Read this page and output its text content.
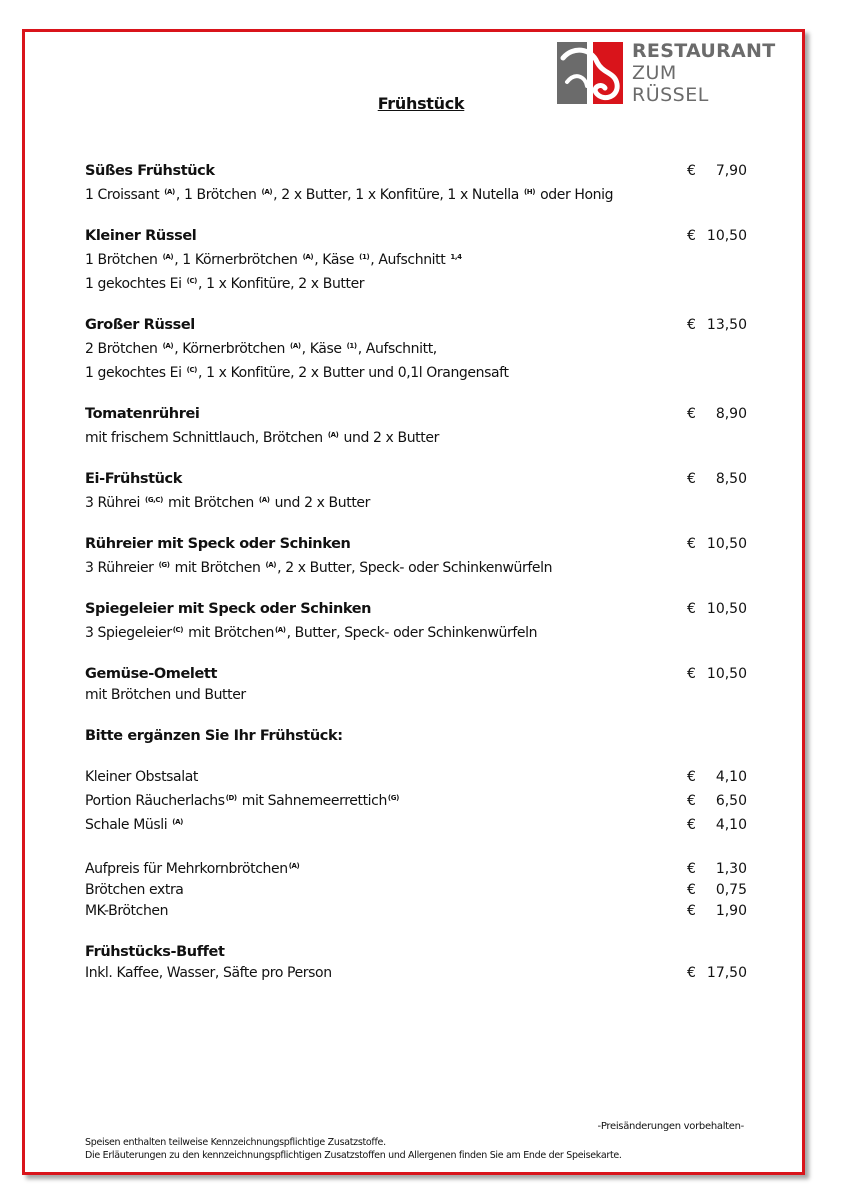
RESTAURANT
ZUM
RÜSSEL
Frühstück
Süßes Frühstück	€ 7,90
1 Croissant $^{(A)}$, 1 Brötchen $^{(A)}$, 2 x Butter, 1 x Konfitüre, 1 x Nutella $^{(H)}$ oder Honig
Kleiner Rüssel	€ 10,50
1 Brötchen $^{(A)}$, 1 Körnerbrötchen $^{(A)}$, Käse $^{(1)}$, Aufschnitt $^{1,4}$
1 gekochtes Ei $^{(C)}$, 1 x Konfitüre, 2 x Butter
Großer Rüssel	€ 13,50
2 Brötchen $^{(A)}$, Körnerbrötchen $^{(A)}$, Käse $^{(1)}$, Aufschnitt,
1 gekochtes Ei $^{(C)}$, 1 x Konfitüre, 2 x Butter und 0,1l Orangensaft
Tomatenrührei	€ 8,90
mit frischem Schnittlauch, Brötchen $^{(A)}$ und 2 x Butter
Ei-Frühstück	€ 8,50
3 Rührei $^{(G,C)}$ mit Brötchen $^{(A)}$ und 2 x Butter
Rühreier mit Speck oder Schinken	€ 10,50
3 Rühreier $^{(G)}$ mit Brötchen $^{(A)}$, 2 x Butter, Speck- oder Schinkenwürfeln
Spiegeleier mit Speck oder Schinken	€ 10,50
3 Spiegeleier$^{(C)}$ mit Brötchen$^{(A)}$, Butter, Speck- oder Schinkenwürfeln
Gemüse-Omelett	€ 10,50
mit Brötchen und Butter
Bitte ergänzen Sie Ihr Frühstück:
Kleiner Obstsalat	€ 4,10
Portion Räucherlachs$^{(D)}$ mit Sahnemeerrettich$^{(G)}$	€ 6,50
Schale Müsli $^{(A)}$	€ 4,10
Aufpreis für Mehrkornbrötchen$^{(A)}$	€ 1,30
Brötchen extra	€ 0,75
MK-Brötchen	€ 1,90
Frühstücks-Buffet
Inkl. Kaffee, Wasser, Säfte pro Person	€ 17,50
-Preisänderungen vorbehalten-
Speisen enthalten teilweise Kennzeichnungspflichtige Zusatzstoffe.
Die Erläuterungen zu den kennzeichnungspflichtigen Zusatzstoffen und Allergenen finden Sie am Ende der Speisekarte.
